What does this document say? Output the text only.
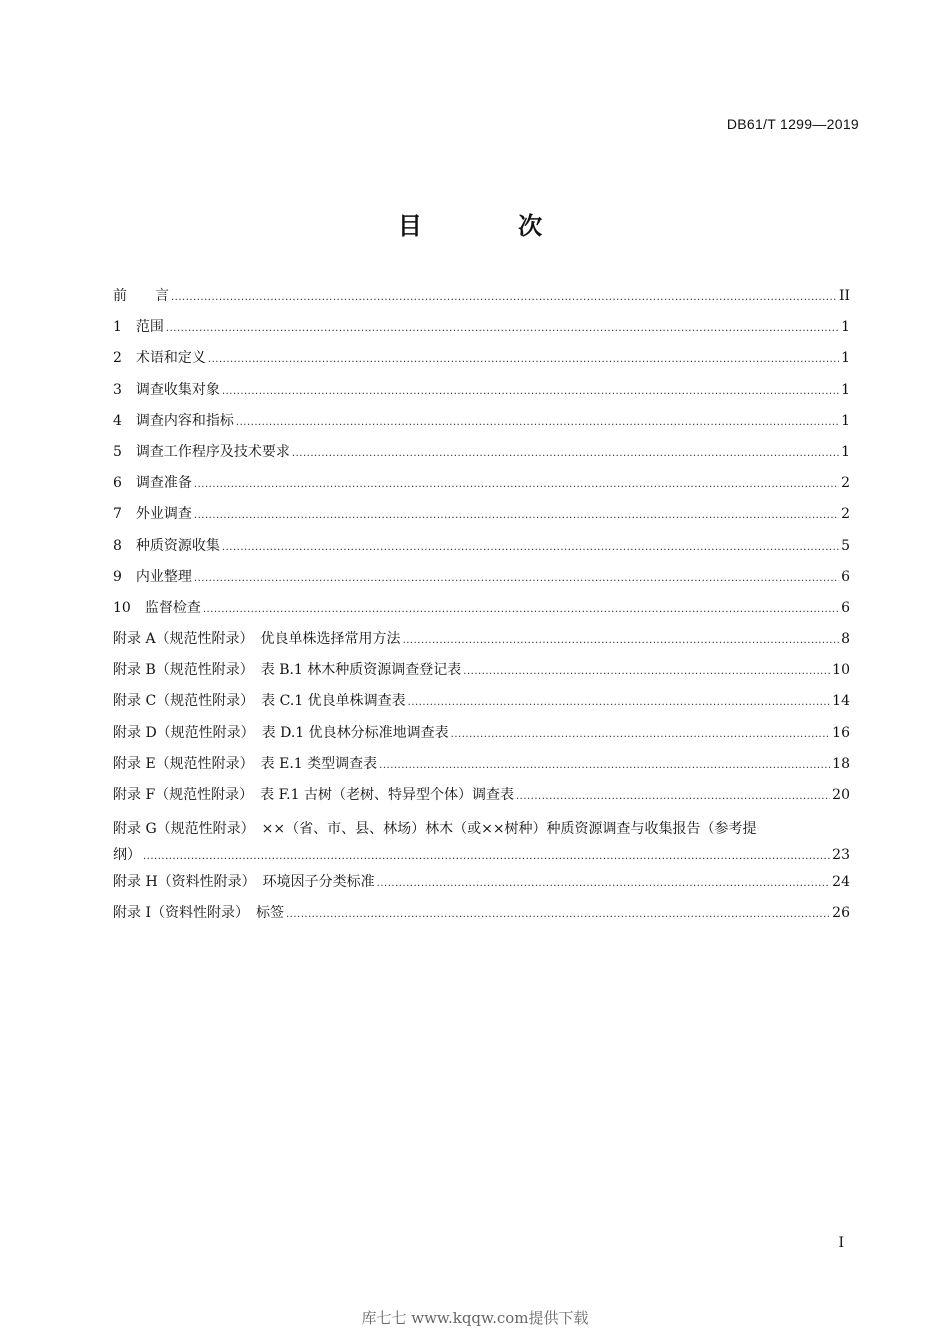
DB61/T 1299—2019
目 次
前　　言 .....	II
1　范围 .....	1
2　术语和定义 .....	1
3　调查收集对象 .....	1
4　调查内容和指标 .....	1
5　调查工作程序及技术要求 .....	1
6　调查准备 .....	2
7　外业调查 .....	2
8　种质资源收集 .....	5
9　内业整理 .....	6
10　监督检查 .....	6
附录 A（规范性附录）　优良单株选择常用方法 .....	8
附录 B（规范性附录）　表 B.1 林木种质资源调查登记表 .....	10
附录 C（规范性附录）　表 C.1 优良单株调查表 .....	14
附录 D（规范性附录）　表 D.1 优良林分标准地调查表 .....	16
附录 E（规范性附录）　表 E.1 类型调查表 .....	18
附录 F（规范性附录）　表 F.1 古树（老树、特异型个体）调查表 .....	20
附录 G（规范性附录）　××（省、市、县、林场）林木（或××树种）种质资源调查与收集报告（参考提
纲） .....	23
附录 H（资料性附录）　环境因子分类标准 .....	24
附录 I（资料性附录）　标签 .....	26
I
库七七 www.kqqw.com提供下载
